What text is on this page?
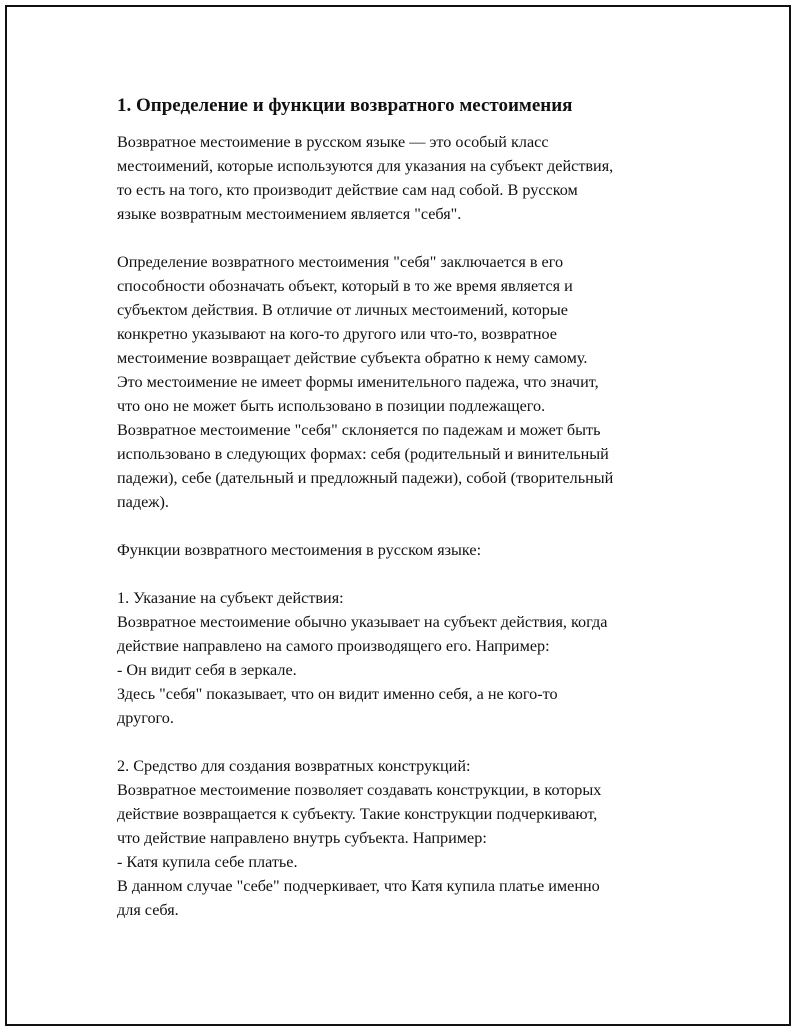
1. Определение и функции возвратного местоимения
Возвратное местоимение в русском языке — это особый класс
местоимений, которые используются для указания на субъект действия,
то есть на того, кто производит действие сам над собой. В русском
языке возвратным местоимением является "себя".
Определение возвратного местоимения "себя" заключается в его
способности обозначать объект, который в то же время является и
субъектом действия. В отличие от личных местоимений, которые
конкретно указывают на кого-то другого или что-то, возвратное
местоимение возвращает действие субъекта обратно к нему самому.
Это местоимение не имеет формы именительного падежа, что значит,
что оно не может быть использовано в позиции подлежащего.
Возвратное местоимение "себя" склоняется по падежам и может быть
использовано в следующих формах: себя (родительный и винительный
падежи), себе (дательный и предложный падежи), собой (творительный
падеж).
Функции возвратного местоимения в русском языке:
1. Указание на субъект действия:
Возвратное местоимение обычно указывает на субъект действия, когда
действие направлено на самого производящего его. Например:
- Он видит себя в зеркале.
Здесь "себя" показывает, что он видит именно себя, а не кого-то
другого.
2. Средство для создания возвратных конструкций:
Возвратное местоимение позволяет создавать конструкции, в которых
действие возвращается к субъекту. Такие конструкции подчеркивают,
что действие направлено внутрь субъекта. Например:
- Катя купила себе платье.
В данном случае "себе" подчеркивает, что Катя купила платье именно
для себя.
